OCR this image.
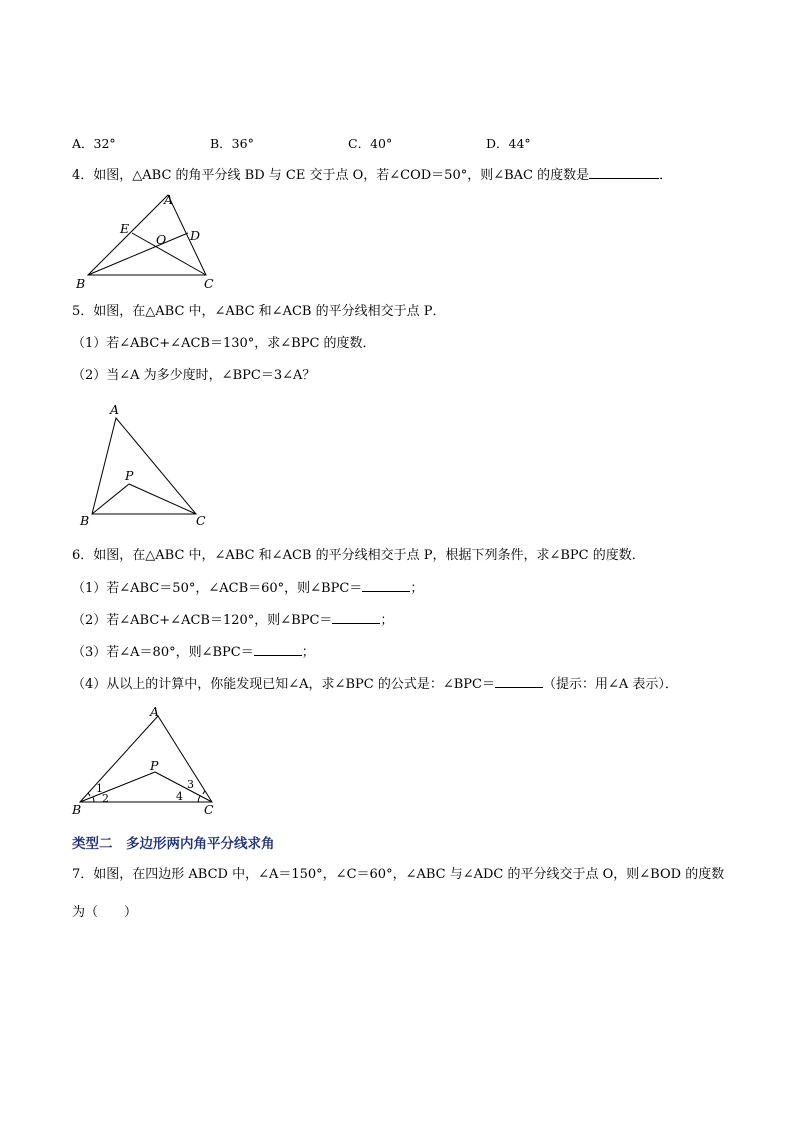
A．32°	B．36°	C．40°	D．44°
4．如图，△ABC 的角平分线 BD 与 CE 交于点 O，若∠COD＝50°，则∠BAC 的度数是	．
A
B	C
D
E
O
5．如图，在△ABC 中，∠ABC 和∠ACB 的平分线相交于点 P．
（1）若∠ABC+∠ACB＝130°，求∠BPC 的度数．
（2）当∠A 为多少度时，∠BPC＝3∠A？
A
B	C
P
6．如图，在△ABC 中，∠ABC 和∠ACB 的平分线相交于点 P，根据下列条件，求∠BPC 的度数．
（1）若∠ABC＝50°，∠ACB＝60°，则∠BPC＝	；
（2）若∠ABC+∠ACB＝120°，则∠BPC＝	；
（3）若∠A＝80°，则∠BPC＝	；
（4）从以上的计算中，你能发现已知∠A，求∠BPC 的公式是：∠BPC＝	（提示：用∠A 表示）．
A
B	C
P
1
2
3
4
类型二　多边形两内角平分线求角
7．如图，在四边形 ABCD 中，∠A＝150°，∠C＝60°，∠ABC 与∠ADC 的平分线交于点 O，则∠BOD 的度数
为（　　）
